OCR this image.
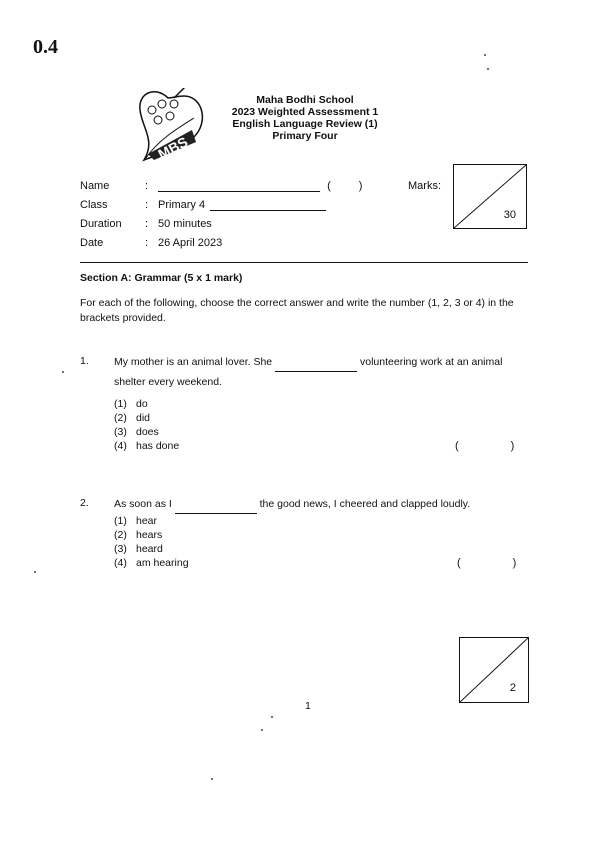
0.4
MBS
Maha Bodhi School
2023 Weighted Assessment 1
English Language Review (1)
Primary Four
Name	:	(	)
Class	: Primary 4
Duration	: 50 minutes
Date	: 26 April 2023
Marks:
30
Section A: Grammar (5 x 1 mark)
For each of the following, choose the correct answer and write the number (1, 2, 3 or 4) in the brackets provided.
1. My mother is an animal lover. She	volunteering work at an animal shelter every weekend.
(1) do
(2) did
(3) does
(4) has done	(	)
2. As soon as I	the good news, I cheered and clapped loudly.
(1) hear
(2) hears
(3) heard
(4) am hearing	(	)
2
1
